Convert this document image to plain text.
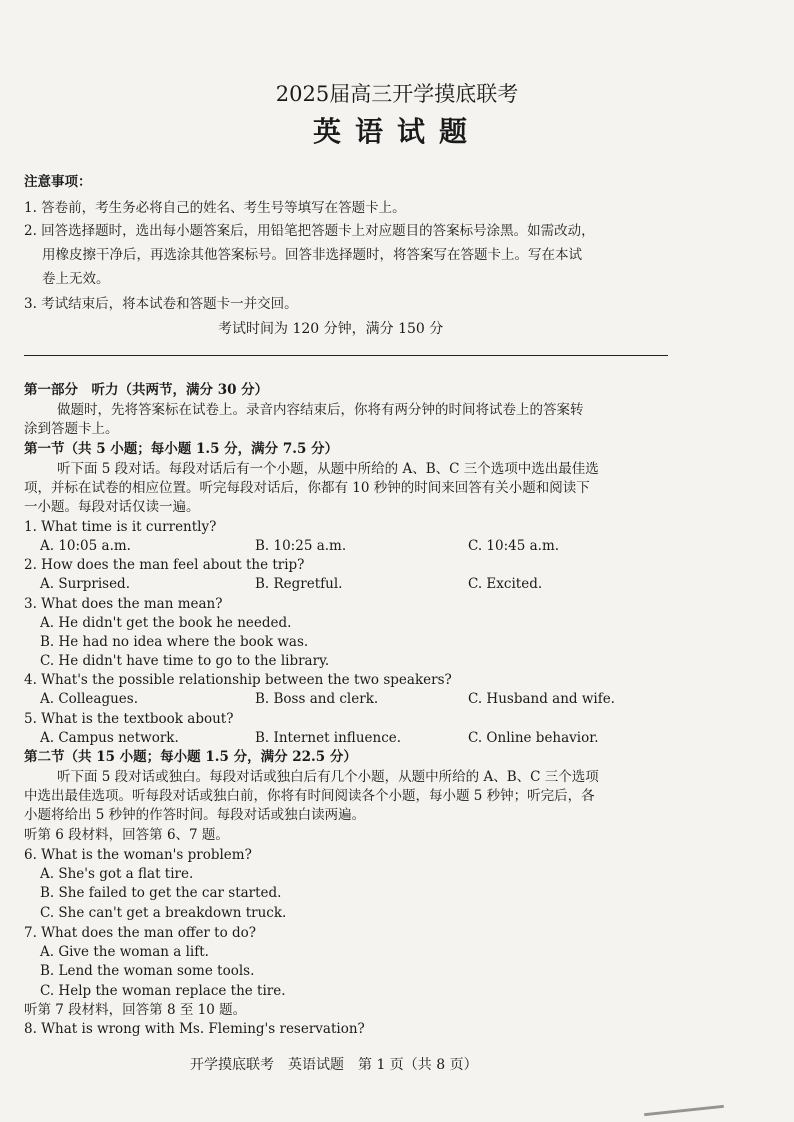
2025届高三开学摸底联考
英语试题
注意事项：
1. 答卷前，考生务必将自己的姓名、考生号等填写在答题卡上。
2. 回答选择题时，选出每小题答案后，用铅笔把答题卡上对应题目的答案标号涂黑。如需改动，
用橡皮擦干净后，再选涂其他答案标号。回答非选择题时，将答案写在答题卡上。写在本试
卷上无效。
3. 考试结束后，将本试卷和答题卡一并交回。
考试时间为 120 分钟，满分 150 分
第一部分　听力（共两节，满分 30 分）
做题时，先将答案标在试卷上。录音内容结束后，你将有两分钟的时间将试卷上的答案转
涂到答题卡上。
第一节（共 5 小题；每小题 1.5 分，满分 7.5 分）
听下面 5 段对话。每段对话后有一个小题，从题中所给的 A、B、C 三个选项中选出最佳选
项，并标在试卷的相应位置。听完每段对话后，你都有 10 秒钟的时间来回答有关小题和阅读下
一小题。每段对话仅读一遍。
1. What time is it currently?
A. 10:05 a.m.	B. 10:25 a.m.	C. 10:45 a.m.
2. How does the man feel about the trip?
A. Surprised.	B. Regretful.	C. Excited.
3. What does the man mean?
A. He didn't get the book he needed.
B. He had no idea where the book was.
C. He didn't have time to go to the library.
4. What's the possible relationship between the two speakers?
A. Colleagues.	B. Boss and clerk.	C. Husband and wife.
5. What is the textbook about?
A. Campus network.	B. Internet influence.	C. Online behavior.
第二节（共 15 小题；每小题 1.5 分，满分 22.5 分）
听下面 5 段对话或独白。每段对话或独白后有几个小题，从题中所给的 A、B、C 三个选项
中选出最佳选项。听每段对话或独白前，你将有时间阅读各个小题，每小题 5 秒钟；听完后，各
小题将给出 5 秒钟的作答时间。每段对话或独白读两遍。
听第 6 段材料，回答第 6、7 题。
6. What is the woman's problem?
A. She's got a flat tire.
B. She failed to get the car started.
C. She can't get a breakdown truck.
7. What does the man offer to do?
A. Give the woman a lift.
B. Lend the woman some tools.
C. Help the woman replace the tire.
听第 7 段材料，回答第 8 至 10 题。
8. What is wrong with Ms. Fleming's reservation?
开学摸底联考　英语试题　第 1 页（共 8 页）
